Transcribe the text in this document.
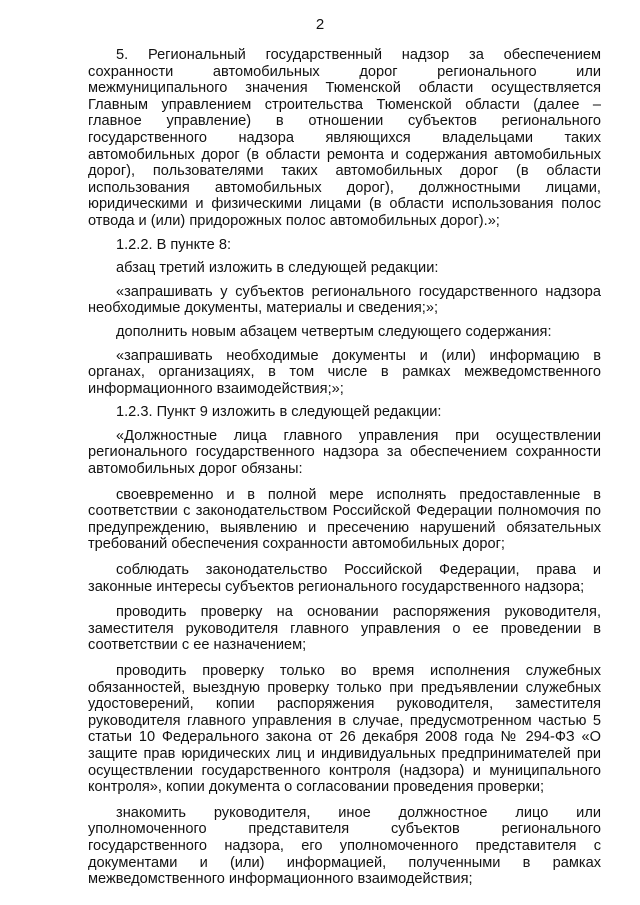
2

5. Региональный государственный надзор за обеспечением сохранности автомобильных дорог регионального или межмуниципального значения Тюменской области осуществляется Главным управлением строительства Тюменской области (далее – главное управление) в отношении субъектов регионального государственного надзора являющихся владельцами таких автомобильных дорог (в области ремонта и содержания автомобильных дорог), пользователями таких автомобильных дорог (в области использования автомобильных дорог), должностными лицами, юридическими и физическими лицами (в области использования полос отвода и (или) придорожных полос автомобильных дорог).»;

1.2.2. В пункте 8:

абзац третий изложить в следующей редакции:

«запрашивать у субъектов регионального государственного надзора необходимые документы, материалы и сведения;»;

дополнить новым абзацем четвертым следующего содержания:

«запрашивать необходимые документы и (или) информацию в органах, организациях, в том числе в рамках межведомственного информационного взаимодействия;»;

1.2.3. Пункт 9 изложить в следующей редакции:

«Должностные лица главного управления при осуществлении регионального государственного надзора за обеспечением сохранности автомобильных дорог обязаны:

своевременно и в полной мере исполнять предоставленные в соответствии с законодательством Российской Федерации полномочия по предупреждению, выявлению и пресечению нарушений обязательных требований обеспечения сохранности автомобильных дорог;

соблюдать законодательство Российской Федерации, права и законные интересы субъектов регионального государственного надзора;

проводить проверку на основании распоряжения руководителя, заместителя руководителя главного управления о ее проведении в соответствии с ее назначением;

проводить проверку только во время исполнения служебных обязанностей, выездную проверку только при предъявлении служебных удостоверений, копии распоряжения руководителя, заместителя руководителя главного управления в случае, предусмотренном частью 5 статьи 10 Федерального закона от 26 декабря 2008 года № 294-ФЗ «О защите прав юридических лиц и индивидуальных предпринимателей при осуществлении государственного контроля (надзора) и муниципального контроля», копии документа о согласовании проведения проверки;

знакомить руководителя, иное должностное лицо или уполномоченного представителя субъектов регионального государственного надзора, его уполномоченного представителя с документами и (или) информацией, полученными в рамках межведомственного информационного взаимодействия;
